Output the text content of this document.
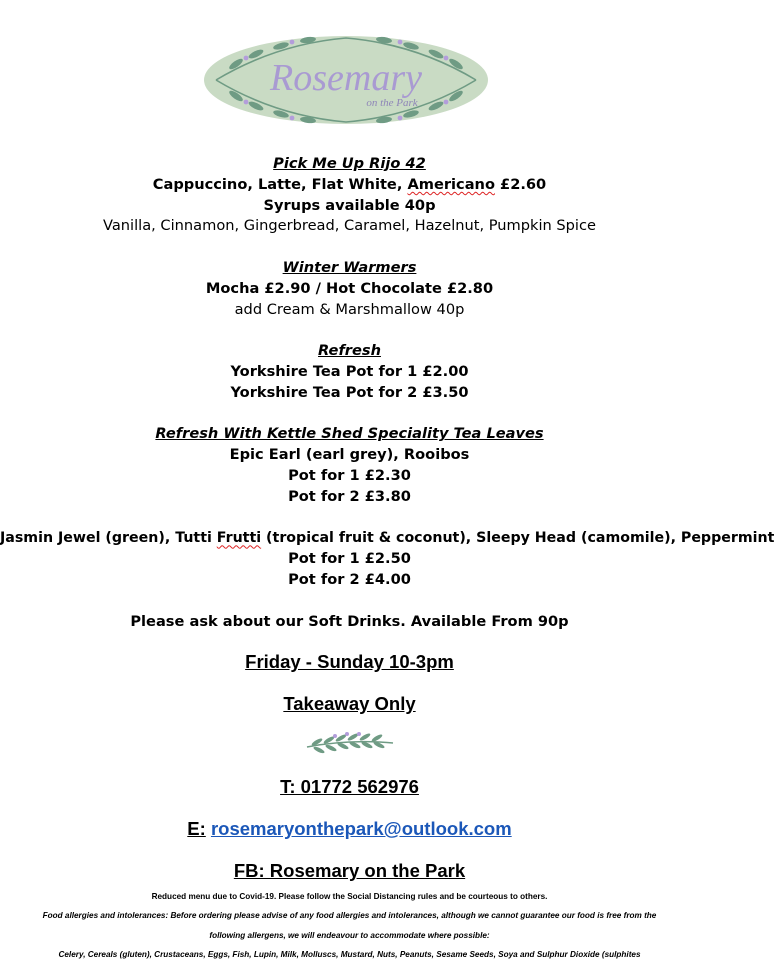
Rosemary
on the Park
Pick Me Up Rijo 42
Cappuccino, Latte, Flat White, Americano £2.60
Syrups available 40p
Vanilla, Cinnamon, Gingerbread, Caramel, Hazelnut, Pumpkin Spice
Winter Warmers
Mocha £2.90 / Hot Chocolate £2.80
add Cream & Marshmallow 40p
Refresh
Yorkshire Tea Pot for 1 £2.00
Yorkshire Tea Pot for 2 £3.50
Refresh With Kettle Shed Speciality Tea Leaves
Epic Earl (earl grey), Rooibos
Pot for 1 £2.30
Pot for 2 £3.80
Jasmin Jewel (green), Tutti Frutti (tropical fruit & coconut), Sleepy Head (camomile), Peppermint
Pot for 1 £2.50
Pot for 2 £4.00
Please ask about our Soft Drinks. Available From 90p
Friday - Sunday 10-3pm
Takeaway Only
T: 01772 562976
E: rosemaryonthepark@outlook.com
FB: Rosemary on the Park
Reduced menu due to Covid-19. Please follow the Social Distancing rules and be courteous to others.
Food allergies and intolerances: Before ordering please advise of any food allergies and intolerances, although we cannot guarantee our food is free from the
following allergens, we will endeavour to accommodate where possible:
Celery, Cereals (gluten), Crustaceans, Eggs, Fish, Lupin, Milk, Molluscs, Mustard, Nuts, Peanuts, Sesame Seeds, Soya and Sulphur Dioxide (sulphites
